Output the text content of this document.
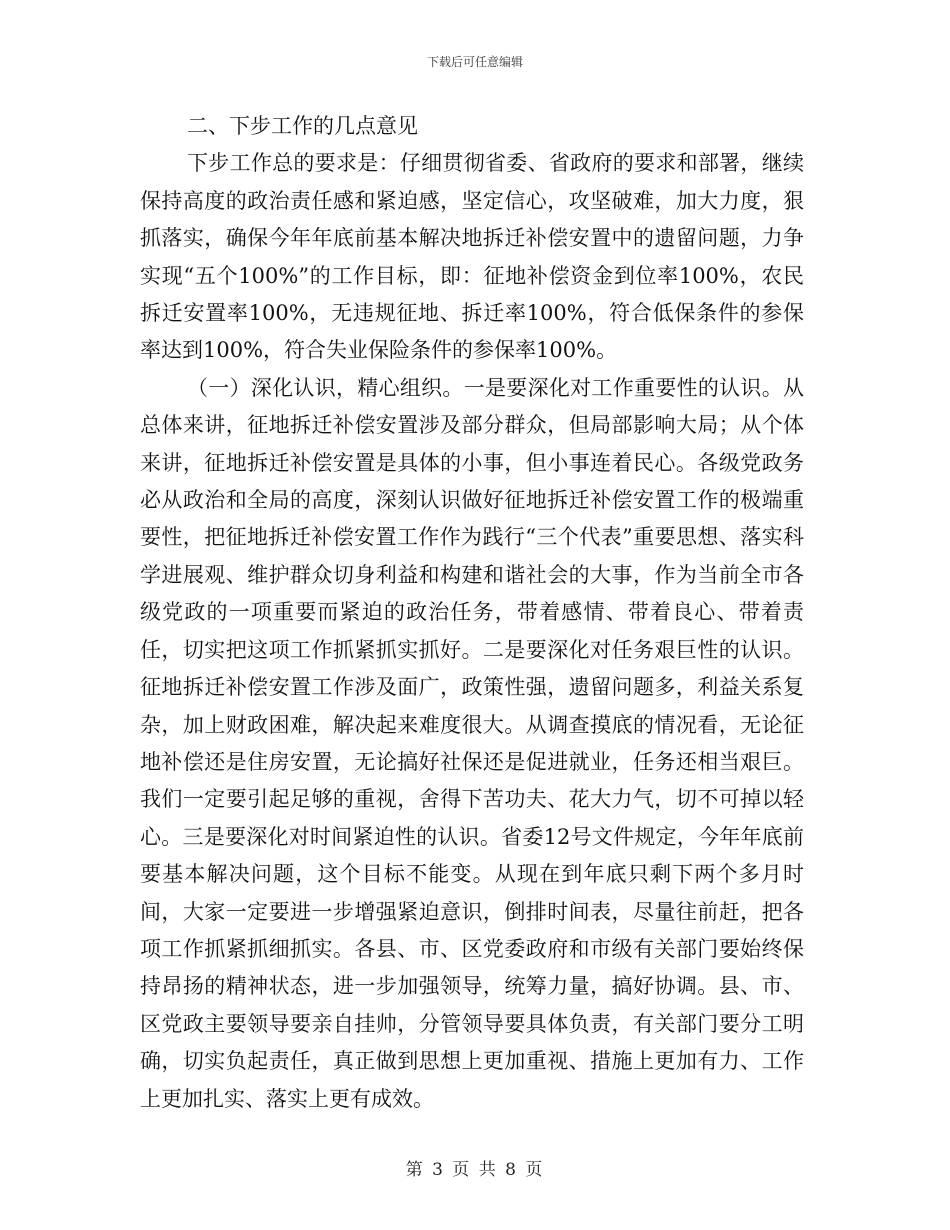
下载后可任意编辑
二、下步工作的几点意见

下步工作总的要求是：仔细贯彻省委、省政府的要求和部署，继续保持高度的政治责任感和紧迫感，坚定信心，攻坚破难，加大力度，狠抓落实，确保今年年底前基本解决地拆迁补偿安置中的遗留问题，力争实现“五个100%”的工作目标，即：征地补偿资金到位率100%，农民拆迁安置率100%，无违规征地、拆迁率100%，符合低保条件的参保率达到100%，符合失业保险条件的参保率100%。

（一）深化认识，精心组织。一是要深化对工作重要性的认识。从总体来讲，征地拆迁补偿安置涉及部分群众，但局部影响大局；从个体来讲，征地拆迁补偿安置是具体的小事，但小事连着民心。各级党政务必从政治和全局的高度，深刻认识做好征地拆迁补偿安置工作的极端重要性，把征地拆迁补偿安置工作作为践行“三个代表”重要思想、落实科学进展观、维护群众切身利益和构建和谐社会的大事，作为当前全市各级党政的一项重要而紧迫的政治任务，带着感情、带着良心、带着责任，切实把这项工作抓紧抓实抓好。二是要深化对任务艰巨性的认识。征地拆迁补偿安置工作涉及面广，政策性强，遗留问题多，利益关系复杂，加上财政困难，解决起来难度很大。从调查摸底的情况看，无论征地补偿还是住房安置，无论搞好社保还是促进就业，任务还相当艰巨。我们一定要引起足够的重视，舍得下苦功夫、花大力气，切不可掉以轻心。三是要深化对时间紧迫性的认识。省委12号文件规定，今年年底前要基本解决问题，这个目标不能变。从现在到年底只剩下两个多月时间，大家一定要进一步增强紧迫意识，倒排时间表，尽量往前赶，把各项工作抓紧抓细抓实。各县、市、区党委政府和市级有关部门要始终保持昂扬的精神状态，进一步加强领导，统筹力量，搞好协调。县、市、区党政主要领导要亲自挂帅，分管领导要具体负责，有关部门要分工明确，切实负起责任，真正做到思想上更加重视、措施上更加有力、工作上更加扎实、落实上更有成效。

第 3 页 共 8 页
